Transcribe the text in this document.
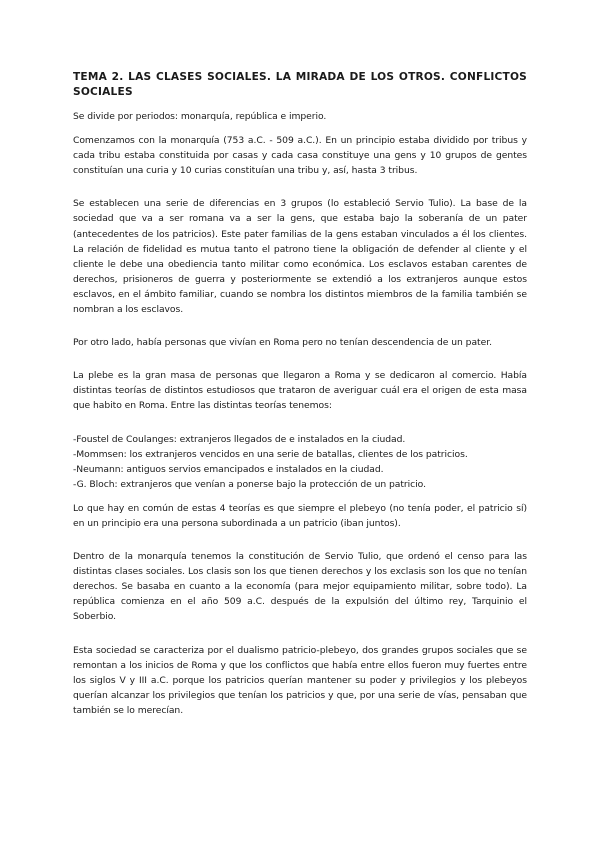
TEMA 2. LAS CLASES SOCIALES. LA MIRADA DE LOS OTROS. CONFLICTOS SOCIALES

Se divide por periodos: monarquía, república e imperio.

Comenzamos con la monarquía (753 a.C. - 509 a.C.). En un principio estaba dividido por tribus y cada tribu estaba constituida por casas y cada casa constituye una gens y 10 grupos de gentes constituían una curia y 10 curias constituían una tribu y, así, hasta 3 tribus.

Se establecen una serie de diferencias en 3 grupos (lo estableció Servio Tulio). La base de la sociedad que va a ser romana va a ser la gens, que estaba bajo la soberanía de un pater (antecedentes de los patricios). Este pater familias de la gens estaban vinculados a él los clientes. La relación de fidelidad es mutua tanto el patrono tiene la obligación de defender al cliente y el cliente le debe una obediencia tanto militar como económica. Los esclavos estaban carentes de derechos, prisioneros de guerra y posteriormente se extendió a los extranjeros aunque estos esclavos, en el ámbito familiar, cuando se nombra los distintos miembros de la familia también se nombran a los esclavos.

Por otro lado, había personas que vivían en Roma pero no tenían descendencia de un pater.

La plebe es la gran masa de personas que llegaron a Roma y se dedicaron al comercio. Había distintas teorías de distintos estudiosos que trataron de averiguar cuál era el origen de esta masa que habito en Roma. Entre las distintas teorías tenemos:

-Foustel de Coulanges: extranjeros llegados de e instalados en la ciudad.

-Mommsen: los extranjeros vencidos en una serie de batallas, clientes de los patricios.

-Neumann: antiguos servios emancipados e instalados en la ciudad.

-G. Bloch: extranjeros que venían a ponerse bajo la protección de un patricio.

Lo que hay en común de estas 4 teorías es que siempre el plebeyo (no tenía poder, el patricio sí) en un principio era una persona subordinada a un patricio (iban juntos).

Dentro de la monarquía tenemos la constitución de Servio Tulio, que ordenó el censo para las distintas clases sociales. Los clasis son los que tienen derechos y los exclasis son los que no tenían derechos. Se basaba en cuanto a la economía (para mejor equipamiento militar, sobre todo). La república comienza en el año 509 a.C. después de la expulsión del último rey, Tarquinio el Soberbio.

Esta sociedad se caracteriza por el dualismo patricio-plebeyo, dos grandes grupos sociales que se remontan a los inicios de Roma y que los conflictos que había entre ellos fueron muy fuertes entre los siglos V y III a.C. porque los patricios querían mantener su poder y privilegios y los plebeyos querían alcanzar los privilegios que tenían los patricios y que, por una serie de vías, pensaban que también se lo merecían.
